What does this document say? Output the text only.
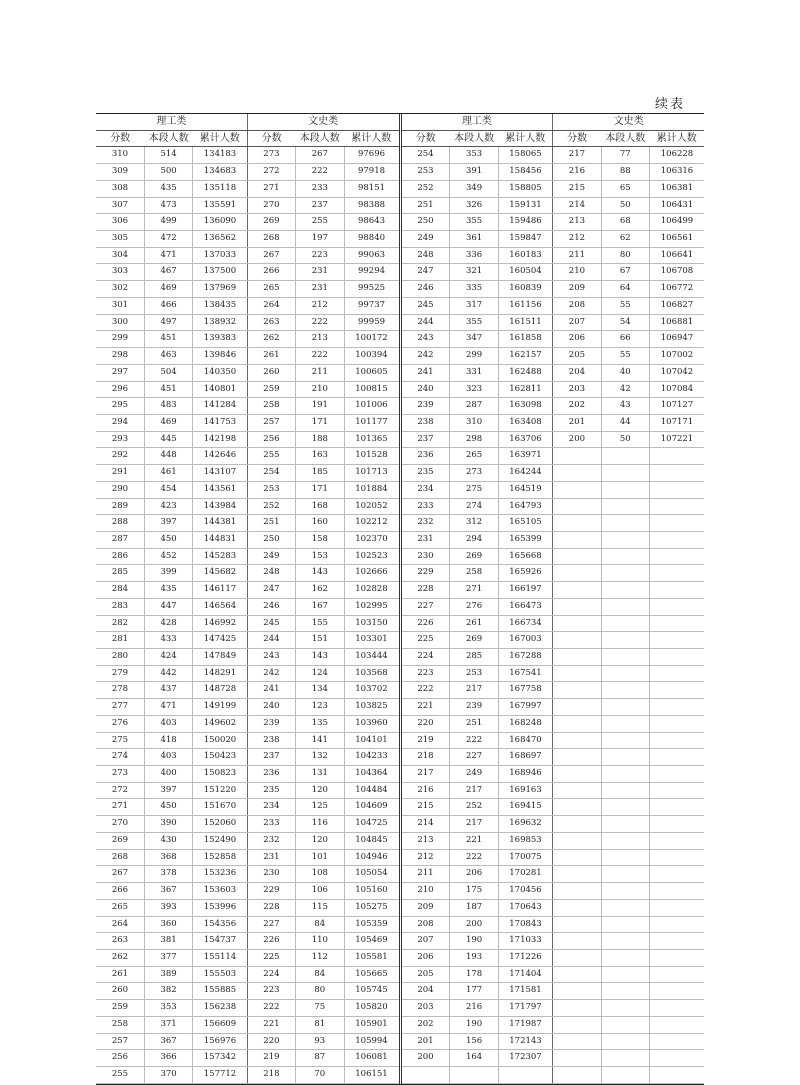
续表
理工类			文史类		
分数	本段人数	累计人数	分数	本段人数	累计人数
310	514	134183	273	267	97696
309	500	134683	272	222	97918
308	435	135118	271	233	98151
307	473	135591	270	237	98388
306	499	136090	269	255	98643
305	472	136562	268	197	98840
304	471	137033	267	223	99063
303	467	137500	266	231	99294
302	469	137969	265	231	99525
301	466	138435	264	212	99737
300	497	138932	263	222	99959
299	451	139383	262	213	100172
298	463	139846	261	222	100394
297	504	140350	260	211	100605
296	451	140801	259	210	100815
295	483	141284	258	191	101006
294	469	141753	257	171	101177
293	445	142198	256	188	101365
292	448	142646	255	163	101528
291	461	143107	254	185	101713
290	454	143561	253	171	101884
289	423	143984	252	168	102052
288	397	144381	251	160	102212
287	450	144831	250	158	102370
286	452	145283	249	153	102523
285	399	145682	248	143	102666
284	435	146117	247	162	102828
283	447	146564	246	167	102995
282	428	146992	245	155	103150
281	433	147425	244	151	103301
280	424	147849	243	143	103444
279	442	148291	242	124	103568
278	437	148728	241	134	103702
277	471	149199	240	123	103825
276	403	149602	239	135	103960
275	418	150020	238	141	104101
274	403	150423	237	132	104233
273	400	150823	236	131	104364
272	397	151220	235	120	104484
271	450	151670	234	125	104609
270	390	152060	233	116	104725
269	430	152490	232	120	104845
268	368	152858	231	101	104946
267	378	153236	230	108	105054
266	367	153603	229	106	105160
265	393	153996	228	115	105275
264	360	154356	227	84	105359
263	381	154737	226	110	105469
262	377	155114	225	112	105581
261	389	155503	224	84	105665
260	382	155885	223	80	105745
259	353	156238	222	75	105820
258	371	156609	221	81	105901
257	367	156976	220	93	105994
256	366	157342	219	87	106081
255	370	157712	218	70	106151
理工类			文史类		
分数	本段人数	累计人数	分数	本段人数	累计人数
254	353	158065	217	77	106228
253	391	158456	216	88	106316
252	349	158805	215	65	106381
251	326	159131	214	50	106431
250	355	159486	213	68	106499
249	361	159847	212	62	106561
248	336	160183	211	80	106641
247	321	160504	210	67	106708
246	335	160839	209	64	106772
245	317	161156	208	55	106827
244	355	161511	207	54	106881
243	347	161858	206	66	106947
242	299	162157	205	55	107002
241	331	162488	204	40	107042
240	323	162811	203	42	107084
239	287	163098	202	43	107127
238	310	163408	201	44	107171
237	298	163706	200	50	107221
236	265	163971			
235	273	164244			
234	275	164519			
233	274	164793			
232	312	165105			
231	294	165399			
230	269	165668			
229	258	165926			
228	271	166197			
227	276	166473			
226	261	166734			
225	269	167003			
224	285	167288			
223	253	167541			
222	217	167758			
221	239	167997			
220	251	168248			
219	222	168470			
218	227	168697			
217	249	168946			
216	217	169163			
215	252	169415			
214	217	169632			
213	221	169853			
212	222	170075			
211	206	170281			
210	175	170456			
209	187	170643			
208	200	170843			
207	190	171033			
206	193	171226			
205	178	171404			
204	177	171581			
203	216	171797			
202	190	171987			
201	156	172143			
200	164	172307			
